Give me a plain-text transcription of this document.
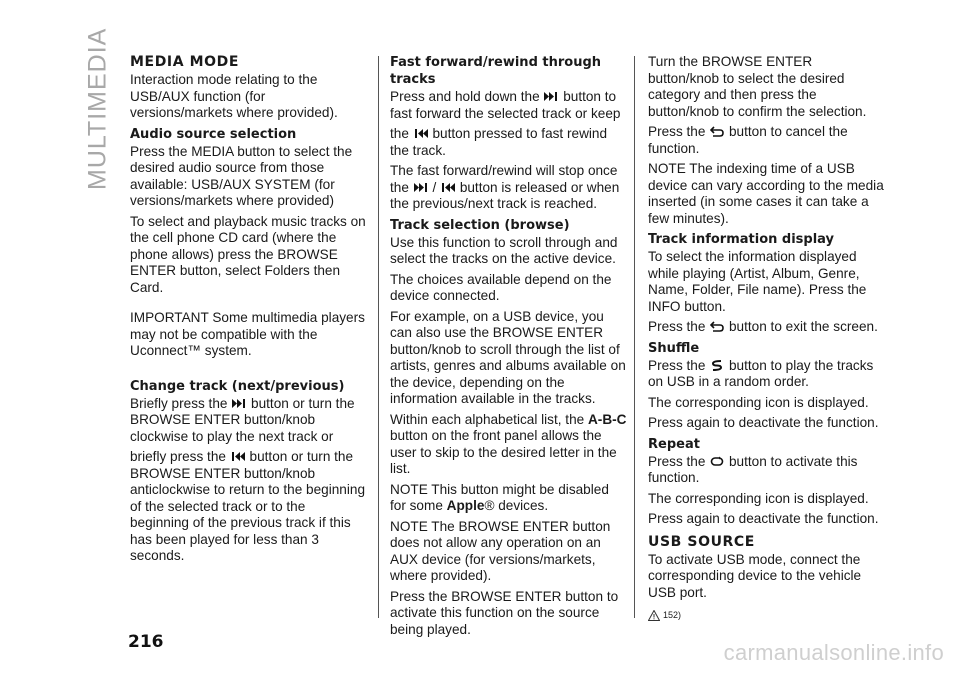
MULTIMEDIA MEDIA MODE

Interaction mode relating to the USB/AUX function (for versions/markets where provided).

Audio source selection

Press the MEDIA button to select the desired audio source from those available: USB/AUX SYSTEM (for versions/markets where provided)

To select and playback music tracks on the cell phone CD card (where the phone allows) press the BROWSE ENTER button, select Folders then Card.

IMPORTANT Some multimedia players may not be compatible with the Uconnect™ system.

Change track (next/previous)

Briefly press the button or turn the BROWSE ENTER button/knob clockwise to play the next track or

briefly press the button or turn the BROWSE ENTER button/knob anticlockwise to return to the beginning of the selected track or to the beginning of the previous track if this has been played for less than 3 seconds.

Fast forward/rewind through tracks

Press and hold down the button to fast forward the selected track or keep

the button pressed to fast rewind the track.

The fast forward/rewind will stop once
the / button is released or when the previous/next track is reached.

Track selection (browse)

Use this function to scroll through and select the tracks on the active device.

The choices available depend on the device connected.

For example, on a USB device, you can also use the BROWSE ENTER button/knob to scroll through the list of artists, genres and albums available on the device, depending on the information available in the tracks.

Within each alphabetical list, the A-B-C button on the front panel allows the user to skip to the desired letter in the list.

NOTE This button might be disabled for some Apple® devices.

NOTE The BROWSE ENTER button does not allow any operation on an AUX device (for versions/markets, where provided).

Press the BROWSE ENTER button to activate this function on the source being played.

Turn the BROWSE ENTER button/knob to select the desired category and then press the button/knob to confirm the selection.

Press the button to cancel the function.

NOTE The indexing time of a USB device can vary according to the media inserted (in some cases it can take a few minutes).

Track information display

To select the information displayed while playing (Artist, Album, Genre, Name, Folder, File name). Press the INFO button.

Press the button to exit the screen.

Shuffle

Press the button to play the tracks on USB in a random order.

The corresponding icon is displayed.

Press again to deactivate the function.

Repeat

Press the button to activate this function.

The corresponding icon is displayed.

Press again to deactivate the function.

USB SOURCE

To activate USB mode, connect the corresponding device to the vehicle USB port.

152)
216	carmanualsonline.info
